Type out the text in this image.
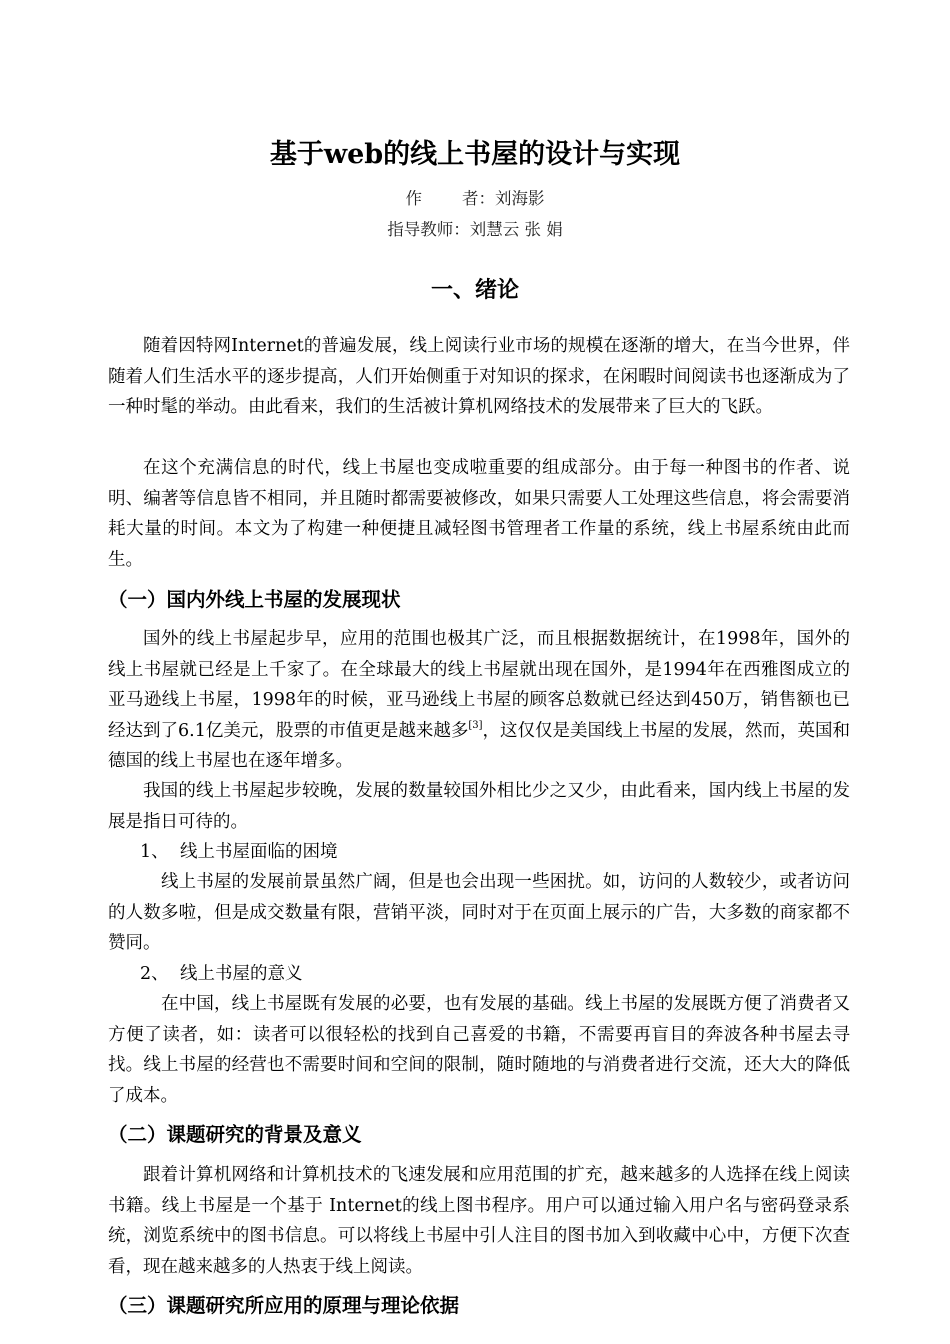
基于web的线上书屋的设计与实现
作 者：刘海影
指导教师：刘慧云 张 娟
一、绪论

随着因特网Internet的普遍发展，线上阅读行业市场的规模在逐渐的增大，在当今世界，伴随着人们生活水平的逐步提高，人们开始侧重于对知识的探求，在闲暇时间阅读书也逐渐成为了一种时髦的举动。由此看来，我们的生活被计算机网络技术的发展带来了巨大的飞跃。

在这个充满信息的时代，线上书屋也变成啦重要的组成部分。由于每一种图书的作者、说明、编著等信息皆不相同，并且随时都需要被修改，如果只需要人工处理这些信息，将会需要消耗大量的时间。本文为了构建一种便捷且减轻图书管理者工作量的系统，线上书屋系统由此而生。

（一）国内外线上书屋的发展现状

国外的线上书屋起步早，应用的范围也极其广泛，而且根据数据统计，在1998年，国外的线上书屋就已经是上千家了。在全球最大的线上书屋就出现在国外，是1994年在西雅图成立的亚马逊线上书屋，1998年的时候，亚马逊线上书屋的顾客总数就已经达到450万，销售额也已经达到了6.1亿美元，股票的市值更是越来越多[3]，这仅仅是美国线上书屋的发展，然而，英国和德国的线上书屋也在逐年增多。

我国的线上书屋起步较晚，发展的数量较国外相比少之又少，由此看来，国内线上书屋的发展是指日可待的。

1、 线上书屋面临的困境

线上书屋的发展前景虽然广阔，但是也会出现一些困扰。如，访问的人数较少，或者访问的人数多啦，但是成交数量有限，营销平淡，同时对于在页面上展示的广告，大多数的商家都不赞同。

2、 线上书屋的意义

在中国，线上书屋既有发展的必要，也有发展的基础。线上书屋的发展既方便了消费者又方便了读者，如：读者可以很轻松的找到自己喜爱的书籍，不需要再盲目的奔波各种书屋去寻找。线上书屋的经营也不需要时间和空间的限制，随时随地的与消费者进行交流，还大大的降低了成本。

（二）课题研究的背景及意义

跟着计算机网络和计算机技术的飞速发展和应用范围的扩充，越来越多的人选择在线上阅读书籍。线上书屋是一个基于 Internet的线上图书程序。用户可以通过输入用户名与密码登录系统，浏览系统中的图书信息。可以将线上书屋中引人注目的图书加入到收藏中心中，方便下次查看，现在越来越多的人热衷于线上阅读。

（三）课题研究所应用的原理与理论依据
